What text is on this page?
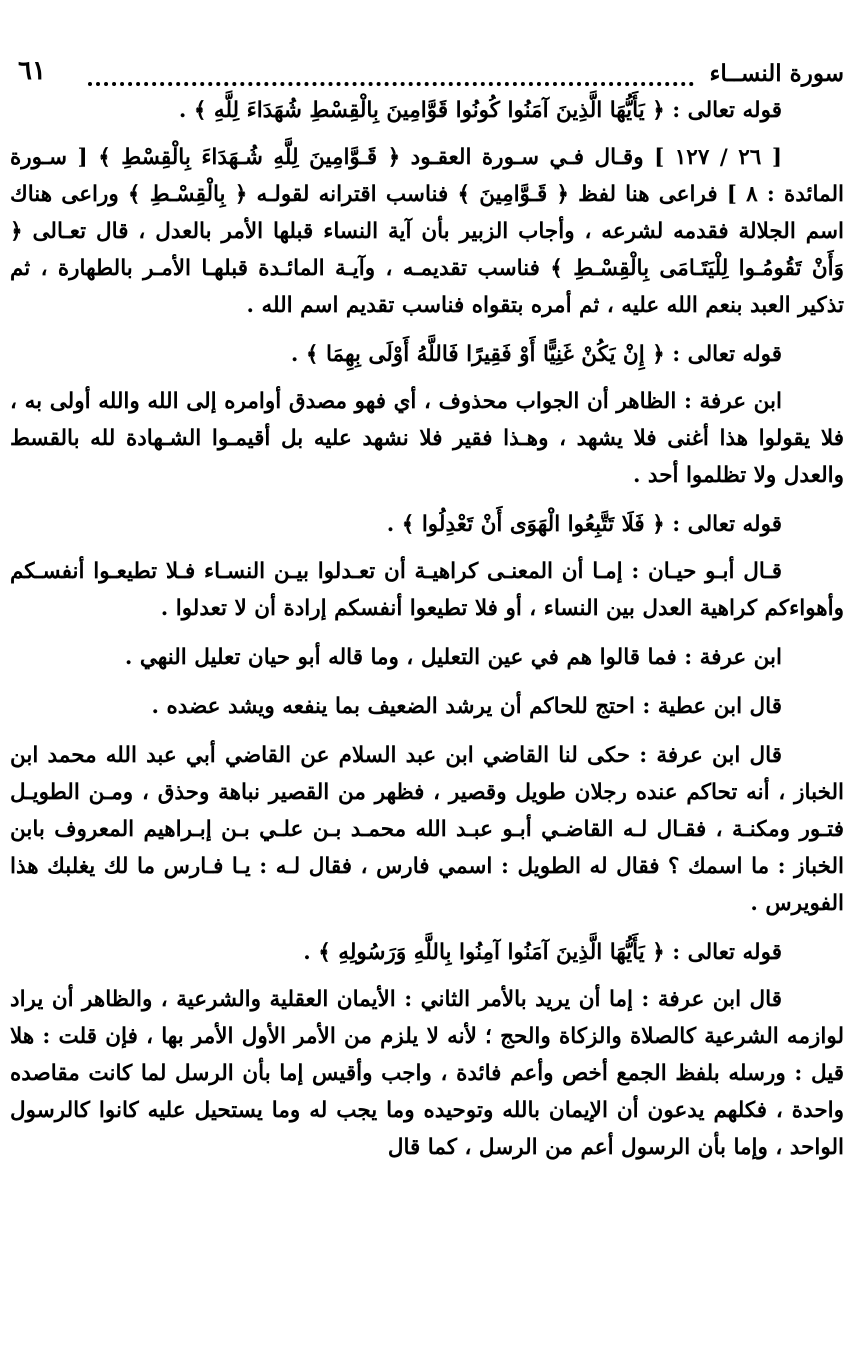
سورة النســاء
٦١

قوله تعالى : ﴿ يَأَيُّهَا الَّذِينَ آمَنُوا كُونُوا قَوَّامِينَ بِالْقِسْطِ شُهَدَاءَ لِلَّهِ ﴾ .

[ ٢٦ / ١٢٧ ] وقـال فـي سـورة العقـود ﴿ قَـوَّامِينَ لِلَّهِ شُـهَدَاءَ بِالْقِسْطِ ﴾ [ سـورة المائدة : ٨ ] فراعى هنا لفظ ﴿ قَـوَّامِينَ ﴾ فناسب اقترانه لقولـه ﴿ بِالْقِسْـطِ ﴾ وراعى هناك اسم الجلالة فقدمه لشرعه ، وأجاب الزبير بأن آية النساء قبلها الأمر بالعدل ، قال تعـالى ﴿ وَأَنْ تَقُومُـوا لِلْيَتَـامَى بِالْقِسْـطِ ﴾ فناسب تقديمـه ، وآيـة المائـدة قبلهـا الأمـر بالطهارة ، ثم تذكير العبد بنعم الله عليه ، ثم أمره بتقواه فناسب تقديم اسم الله .

قوله تعالى : ﴿ إِنْ يَكُنْ غَنِيًّا أَوْ فَقِيرًا فَاللَّهُ أَوْلَى بِهِمَا ﴾ .

ابن عرفة : الظاهر أن الجواب محذوف ، أي فهو مصدق أوامره إلى الله والله أولى به ، فلا يقولوا هذا أغنى فلا يشهد ، وهـذا فقير فلا نشهد عليه بل أقيمـوا الشـهادة لله بالقسط والعدل ولا تظلموا أحد .

قوله تعالى : ﴿ فَلَا تَتَّبِعُوا الْهَوَى أَنْ تَعْدِلُوا ﴾ .

قـال أبـو حيـان : إمـا أن المعنـى كراهيـة أن تعـدلوا بيـن النسـاء فـلا تطيعـوا أنفسـكم وأهواءكم كراهية العدل بين النساء ، أو فلا تطيعوا أنفسكم إرادة أن لا تعدلوا .

ابن عرفة : فما قالوا هم في عين التعليل ، وما قاله أبو حيان تعليل النهي .

قال ابن عطية : احتج للحاكم أن يرشد الضعيف بما ينفعه ويشد عضده .

قال ابن عرفة : حكى لنا القاضي ابن عبد السلام عن القاضي أبي عبد الله محمد ابن الخباز ، أنه تحاكم عنده رجلان طويل وقصير ، فظهر من القصير نباهة وحذق ، ومـن الطويـل فتـور ومكنـة ، فقـال لـه القاضـي أبـو عبـد الله محمـد بـن علـي بـن إبـراهيم المعروف بابن الخباز : ما اسمك ؟ فقال له الطويل : اسمي فارس ، فقال لـه : يـا فـارس ما لك يغلبك هذا الفويرس .

قوله تعالى : ﴿ يَأَيُّهَا الَّذِينَ آمَنُوا آمِنُوا بِاللَّهِ وَرَسُولِهِ ﴾ .

قال ابن عرفة : إما أن يريد بالأمر الثاني : الأيمان العقلية والشرعية ، والظاهر أن يراد لوازمه الشرعية كالصلاة والزكاة والحج ؛ لأنه لا يلزم من الأمر الأول الأمر بها ، فإن قلت : هلا قيل : ورسله بلفظ الجمع أخص وأعم فائدة ، واجب وأقيس إما بأن الرسل لما كانت مقاصده واحدة ، فكلهم يدعون أن الإيمان بالله وتوحيده وما يجب له وما يستحيل عليه كانوا كالرسول الواحد ، وإما بأن الرسول أعم من الرسل ، كما قال
